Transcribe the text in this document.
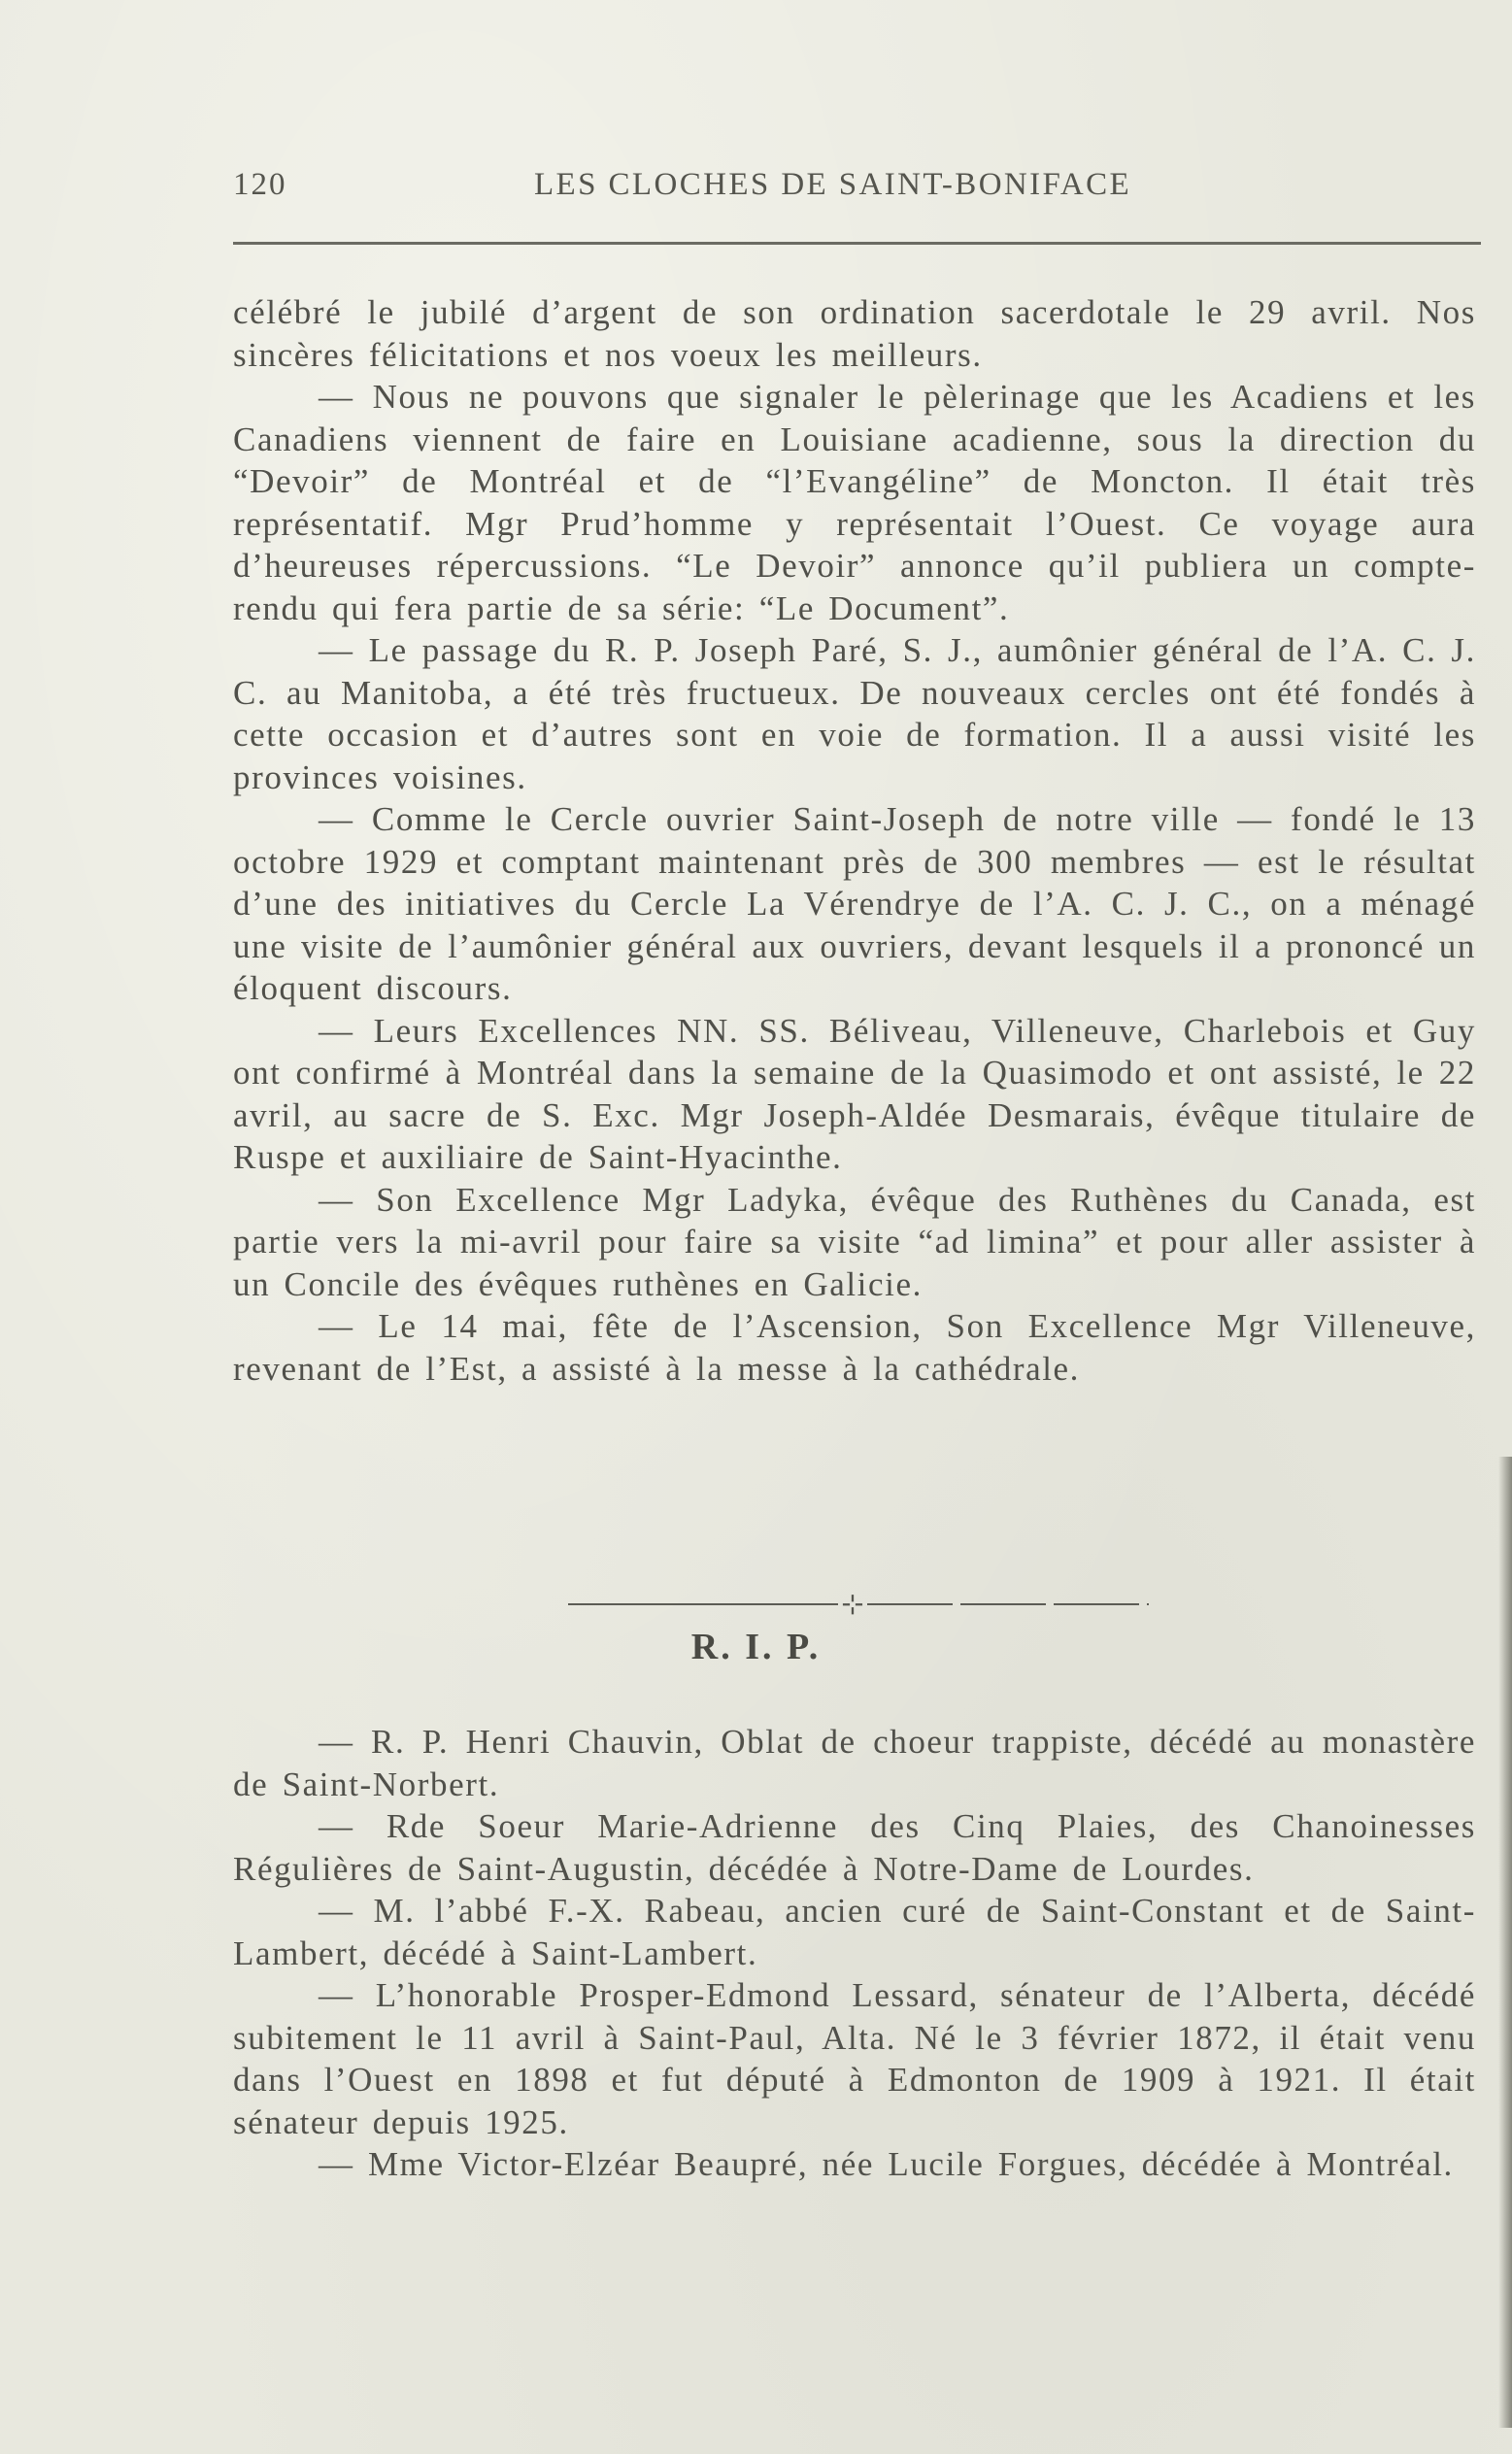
120	LES CLOCHES DE SAINT-BONIFACE

célébré le jubilé d’argent de son ordination sacerdotale le 29 avril. Nos sincères félicitations et nos voeux les meilleurs.

— Nous ne pouvons que signaler le pèlerinage que les Acadiens et les Canadiens viennent de faire en Louisiane acadienne, sous la direction du “Devoir” de Montréal et de “l’Evangéline” de Moncton. Il était très représentatif. Mgr Prud’homme y représentait l’Ouest. Ce voyage aura d’heureuses répercussions. “Le Devoir” annonce qu’il publiera un compte-rendu qui fera partie de sa série: “Le Document”.

— Le passage du R. P. Joseph Paré, S. J., aumônier général de l’A. C. J. C. au Manitoba, a été très fructueux. De nouveaux cercles ont été fondés à cette occasion et d’autres sont en voie de formation. Il a aussi visité les provinces voisines.

— Comme le Cercle ouvrier Saint-Joseph de notre ville — fondé le 13 octobre 1929 et comptant maintenant près de 300 membres — est le résultat d’une des initiatives du Cercle La Vérendrye de l’A. C. J. C., on a ménagé une visite de l’aumônier général aux ouvriers, devant lesquels il a prononcé un éloquent discours.

— Leurs Excellences NN. SS. Béliveau, Villeneuve, Charlebois et Guy ont confirmé à Montréal dans la semaine de la Quasimodo et ont assisté, le 22 avril, au sacre de S. Exc. Mgr Joseph-Aldée Desmarais, évêque titulaire de Ruspe et auxiliaire de Saint-Hyacinthe.

— Son Excellence Mgr Ladyka, évêque des Ruthènes du Canada, est partie vers la mi-avril pour faire sa visite “ad limina” et pour aller assister à un Concile des évêques ruthènes en Galicie.

— Le 14 mai, fête de l’Ascension, Son Excellence Mgr Villeneuve, revenant de l’Est, a assisté à la messe à la cathédrale.

⊹
R. I. P.

— R. P. Henri Chauvin, Oblat de choeur trappiste, décédé au monastère de Saint-Norbert.

— Rde Soeur Marie-Adrienne des Cinq Plaies, des Chanoinesses Régulières de Saint-Augustin, décédée à Notre-Dame de Lourdes.

— M. l’abbé F.-X. Rabeau, ancien curé de Saint-Constant et de Saint-Lambert, décédé à Saint-Lambert.

— L’honorable Prosper-Edmond Lessard, sénateur de l’Alberta, décédé subitement le 11 avril à Saint-Paul, Alta. Né le 3 février 1872, il était venu dans l’Ouest en 1898 et fut député à Edmonton de 1909 à 1921. Il était sénateur depuis 1925.

— Mme Victor-Elzéar Beaupré, née Lucile Forgues, décédée à Montréal.
